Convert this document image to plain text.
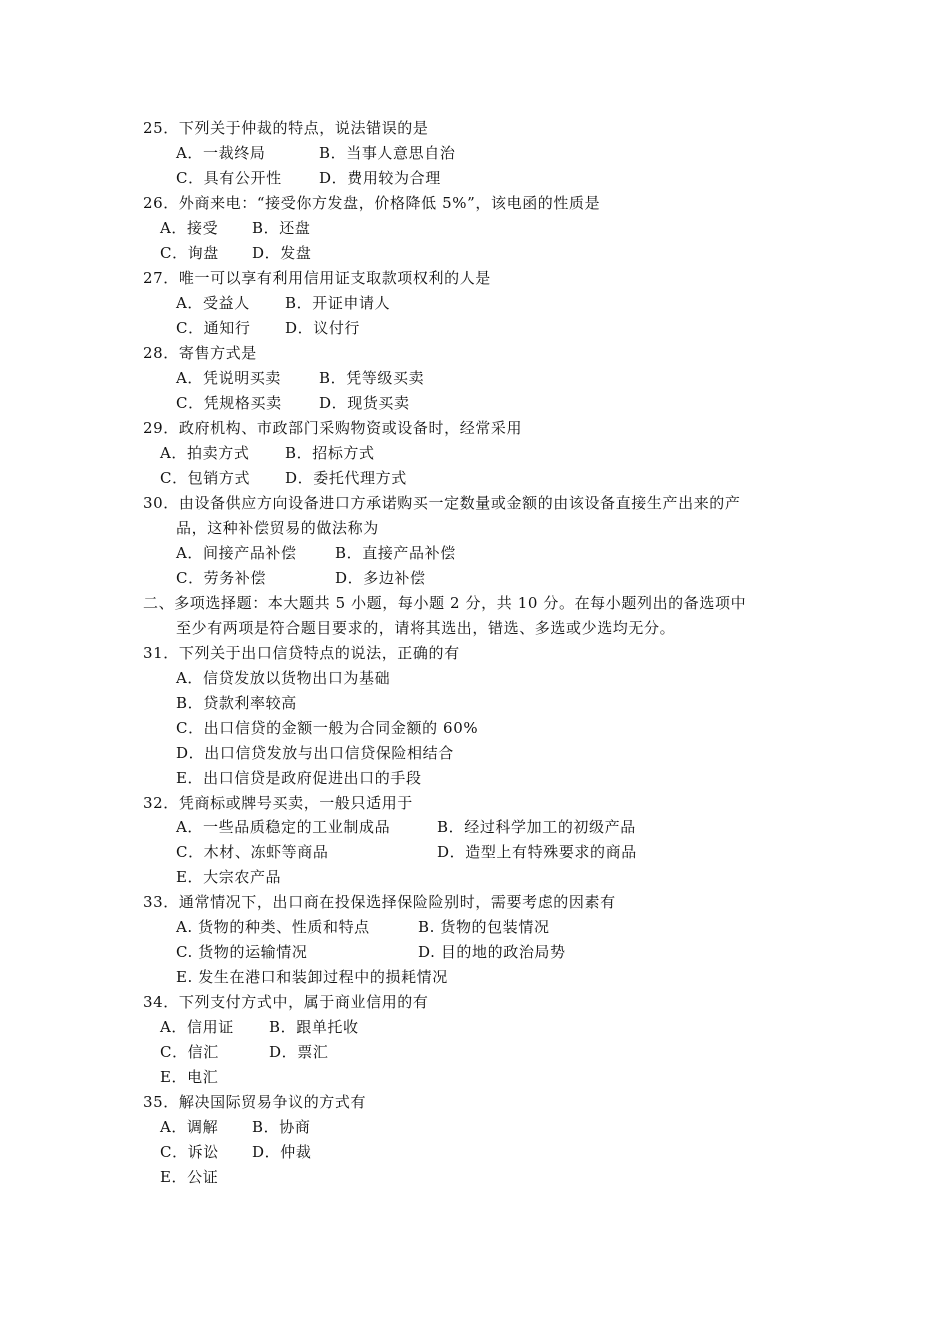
25．下列关于仲裁的特点，说法错误的是
A．一裁终局	B．当事人意思自治
C．具有公开性 D．费用较为合理
26．外商来电：“接受你方发盘，价格降低 5%”，该电函的性质是
A．接受 B．还盘
C．询盘 D．发盘
27．唯一可以享有利用信用证支取款项权利的人是
A．受益人 B．开证申请人
C．通知行 D．议付行
28．寄售方式是
A．凭说明买卖	B．凭等级买卖
C．凭规格买卖 D．现货买卖
29．政府机构、市政部门采购物资或设备时，经常采用
A．拍卖方式 B．招标方式
C．包销方式 D．委托代理方式
30．由设备供应方向设备进口方承诺购买一定数量或金额的由该设备直接生产出来的产
品，这种补偿贸易的做法称为
A．间接产品补偿	B．直接产品补偿
C．劳务补偿	D．多边补偿
二、多项选择题：本大题共 5 小题，每小题 2 分，共 10 分。在每小题列出的备选项中
至少有两项是符合题目要求的，请将其选出，错选、多选或少选均无分。
31．下列关于出口信贷特点的说法，正确的有
A．信贷发放以货物出口为基础
B．贷款利率较高
C．出口信贷的金额一般为合同金额的 60%
D．出口信贷发放与出口信贷保险相结合
E．出口信贷是政府促进出口的手段
32．凭商标或牌号买卖，一般只适用于
A．一些品质稳定的工业制成品	B．经过科学加工的初级产品
C．木材、冻虾等商品	D．造型上有特殊要求的商品
E．大宗农产品
33．通常情况下，出口商在投保选择保险险别时，需要考虑的因素有
A. 货物的种类、性质和特点	B. 货物的包装情况
C. 货物的运输情况	D. 目的地的政治局势
E. 发生在港口和装卸过程中的损耗情况
34．下列支付方式中，属于商业信用的有
A．信用证 B．跟单托收
C．信汇	D．票汇
E．电汇
35．解决国际贸易争议的方式有
A．调解 B．协商
C．诉讼 D．仲裁
E．公证
